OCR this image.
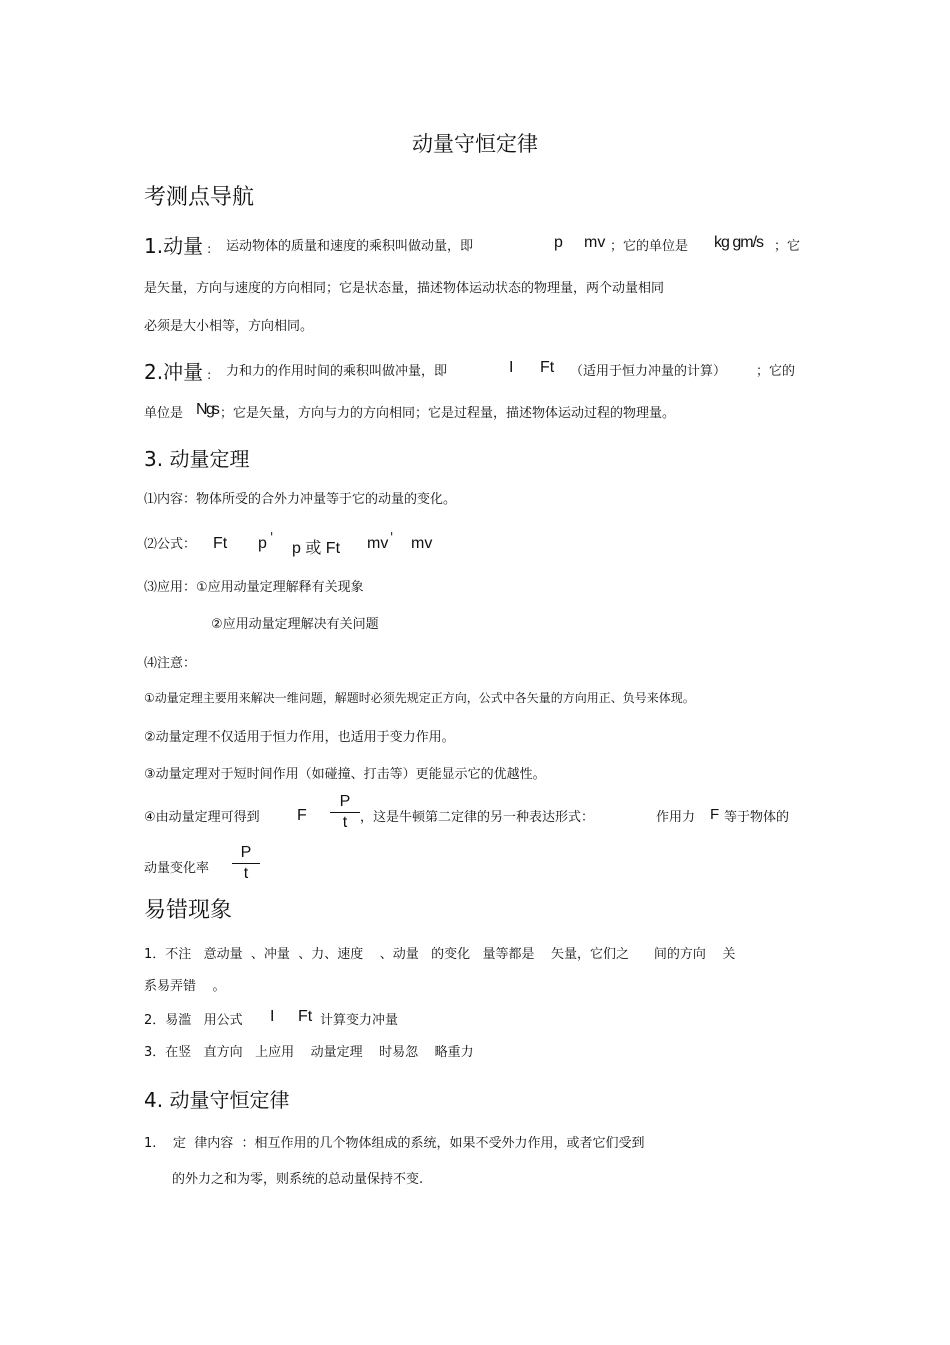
动量守恒定律
考测点导航
1.动量 : 运动物体的质量和速度的乘积叫做动量，即	p mv ；它的单位是 kg gm/s ；它
是矢量，方向与速度的方向相同；它是状态量，描述物体运动状态的物理量，两个动量相同
必须是大小相等，方向相同。
2.冲量 : 力和力的作用时间的乘积叫做冲量，即	I Ft （适用于恒力冲量的计算） ；它的
单位是 N gs ；它是矢量，方向与力的方向相同；它是过程量，描述物体运动过程的物理量。
3. 动量定理
⑴内容：物体所受的合外力冲量等于它的动量的变化。
⑵公式： Ft p '
p 或 Ft mv ' mv
⑶应用：①应用动量定理解释有关现象
②应用动量定理解决有关问题
⑷注意：
①动量定理主要用来解决一维问题，解题时必须先规定正方向，公式中各矢量的方向用正、负号来体现。
②动量定理不仅适用于恒力作用，也适用于变力作用。
③动量定理对于短时间作用（如碰撞、打击等）更能显示它的优越性。
④由动量定理可得到 F
P
t ，这是牛顿第二定律的另一种表达形式：	作用力 F 等于物体的
动量变化率
P
t
易错现象
1．不注   意动量  、冲量  、力、速度    、动量   的变化   量等都是    矢量，它们之      间的方向    关
系易弄错    。
2．易滥   用公式 I Ft 计算变力冲量
3．在竖   直方向   上应用    动量定理    时易忽    略重力
4. 动量守恒定律
1.    定  律内容  ：相互作用的几个物体组成的系统，如果不受外力作用，或者它们受到
的外力之和为零，则系统的总动量保持不变.
